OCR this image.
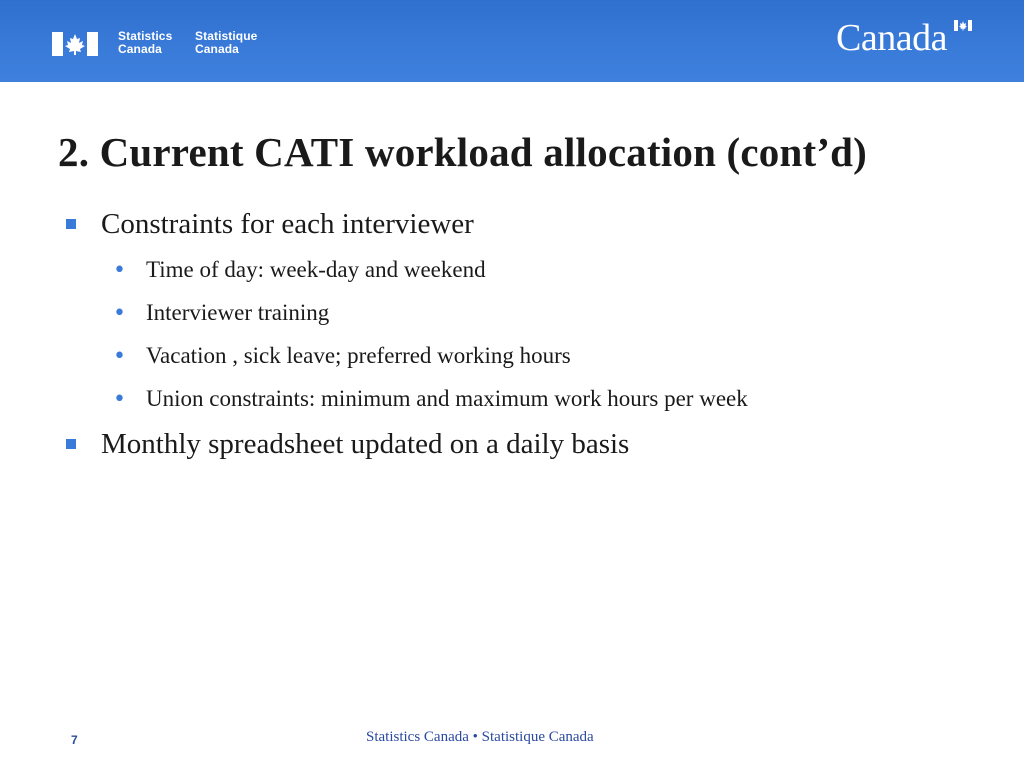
Statistics
Canada
Statistique
Canada	Canada
2. Current CATI workload allocation (cont’d)
Constraints for each interviewer
• Time of day: week-day and weekend
• Interviewer training
• Vacation , sick leave; preferred working hours
• Union constraints: minimum and maximum work hours per week
Monthly spreadsheet updated on a daily basis
7	Statistics Canada • Statistique Canada
